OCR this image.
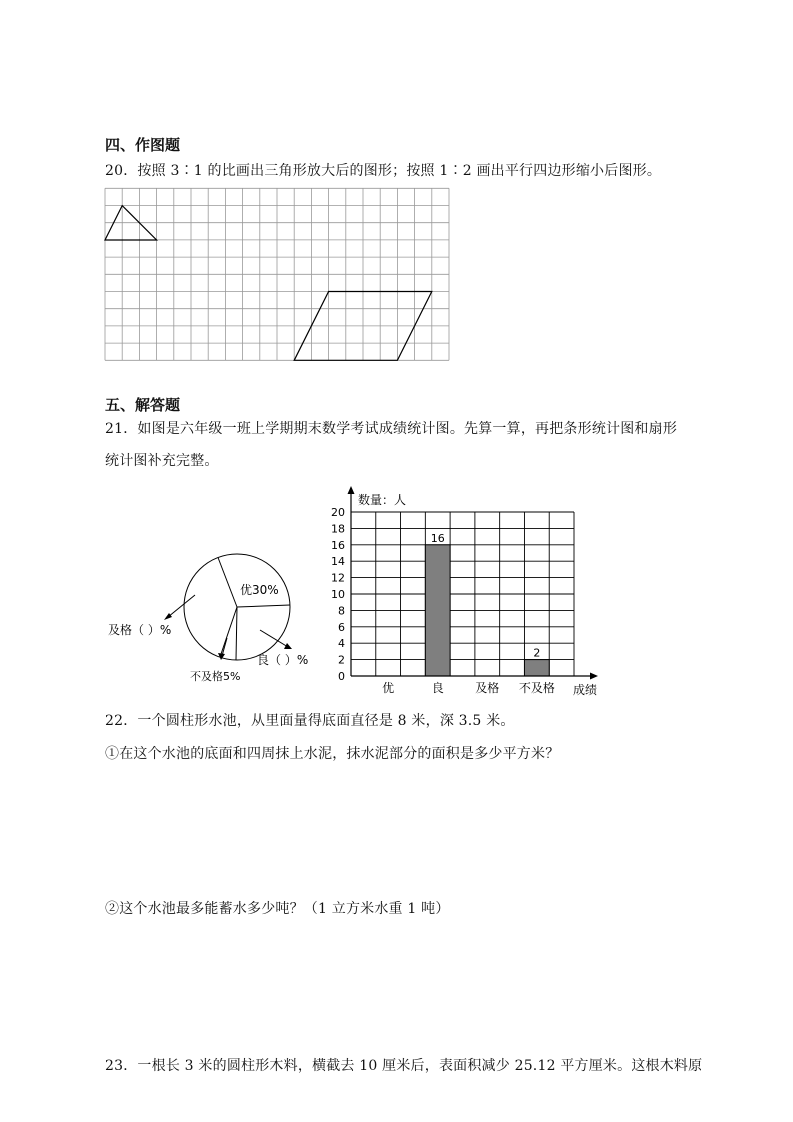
四、作图题
20．按照 3∶1 的比画出三角形放大后的图形；按照 1∶2 画出平行四边形缩小后图形。
五、解答题
21．如图是六年级一班上学期期末数学考试成绩统计图。先算一算，再把条形统计图和扇形
统计图补充完整。
优30%
及格（ ）%
不及格5%
良（ ）%
0
2
4
6
8
10
12
14
16
18
20
16
2
优	良	及格 不及格
数量：人
成绩
22．一个圆柱形水池，从里面量得底面直径是 8 米，深 3.5 米。
①在这个水池的底面和四周抹上水泥，抹水泥部分的面积是多少平方米？
②这个水池最多能蓄水多少吨？（1 立方米水重 1 吨）
23．一根长 3 米的圆柱形木料，横截去 10 厘米后，表面积减少 25.12 平方厘米。这根木料原
